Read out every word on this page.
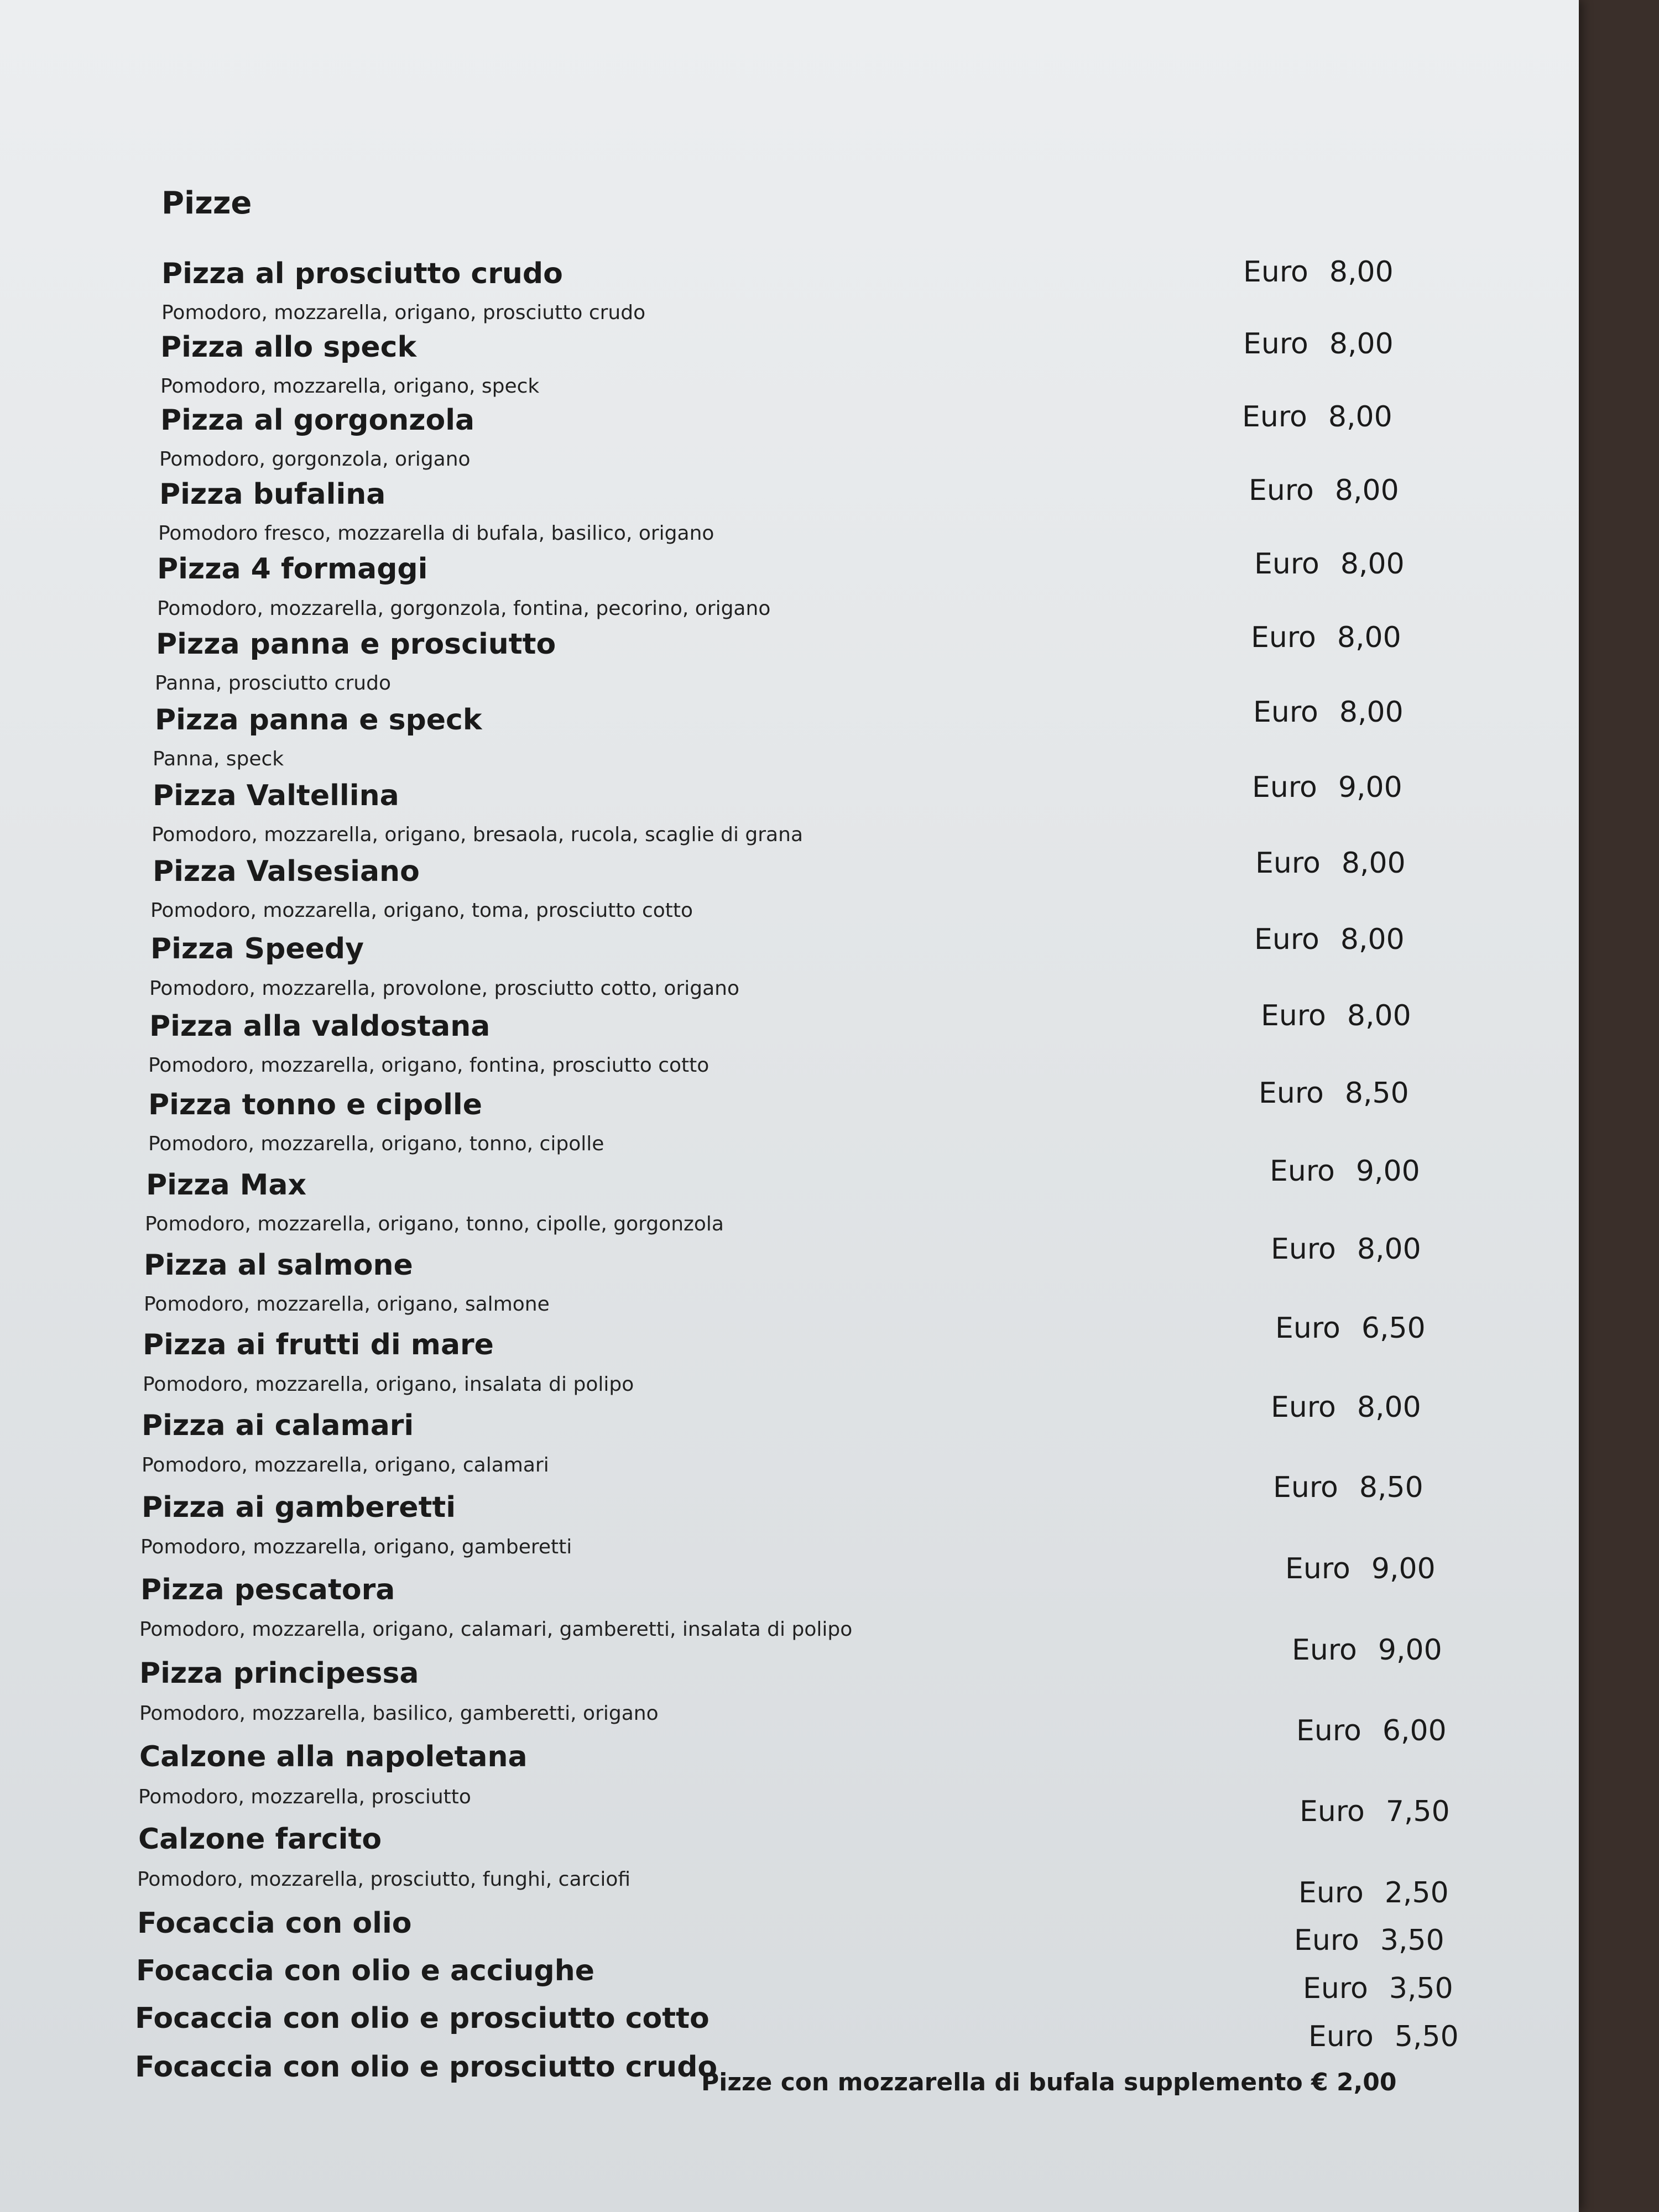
Pizze
Pizza al prosciutto crudo
Pomodoro, mozzarella, origano, prosciutto crudo
Euro 8,00
Pizza allo speck
Pomodoro, mozzarella, origano, speck
Euro 8,00
Pizza al gorgonzola
Pomodoro, gorgonzola, origano
Euro 8,00
Pizza bufalina
Pomodoro fresco, mozzarella di bufala, basilico, origano
Euro 8,00
Pizza 4 formaggi
Pomodoro, mozzarella, gorgonzola, fontina, pecorino, origano
Euro 8,00
Pizza panna e prosciutto
Panna, prosciutto crudo
Euro 8,00
Pizza panna e speck
Panna, speck
Euro 8,00
Pizza Valtellina
Pomodoro, mozzarella, origano, bresaola, rucola, scaglie di grana
Euro 9,00
Pizza Valsesiano
Pomodoro, mozzarella, origano, toma, prosciutto cotto
Euro 8,00
Pizza Speedy
Pomodoro, mozzarella, provolone, prosciutto cotto, origano
Euro 8,00
Pizza alla valdostana
Pomodoro, mozzarella, origano, fontina, prosciutto cotto
Euro 8,00
Pizza tonno e cipolle
Pomodoro, mozzarella, origano, tonno, cipolle
Euro 8,50
Pizza Max
Pomodoro, mozzarella, origano, tonno, cipolle, gorgonzola
Euro 9,00
Pizza al salmone
Pomodoro, mozzarella, origano, salmone
Euro 8,00
Pizza ai frutti di mare
Pomodoro, mozzarella, origano, insalata di polipo
Euro 6,50
Pizza ai calamari
Pomodoro, mozzarella, origano, calamari
Euro 8,00
Pizza ai gamberetti
Pomodoro, mozzarella, origano, gamberetti
Euro 8,50
Pizza pescatora
Pomodoro, mozzarella, origano, calamari, gamberetti, insalata di polipo
Euro 9,00
Pizza principessa
Pomodoro, mozzarella, basilico, gamberetti, origano
Euro 9,00
Calzone alla napoletana
Pomodoro, mozzarella, prosciutto
Euro 6,00
Calzone farcito
Pomodoro, mozzarella, prosciutto, funghi, carciofi
Euro 7,50
Focaccia con olio
Euro 2,50
Focaccia con olio e acciughe
Euro 3,50
Focaccia con olio e prosciutto cotto
Euro 3,50
Focaccia con olio e prosciutto crudo
Euro 5,50
Pizze con mozzarella di bufala supplemento € 2,00
